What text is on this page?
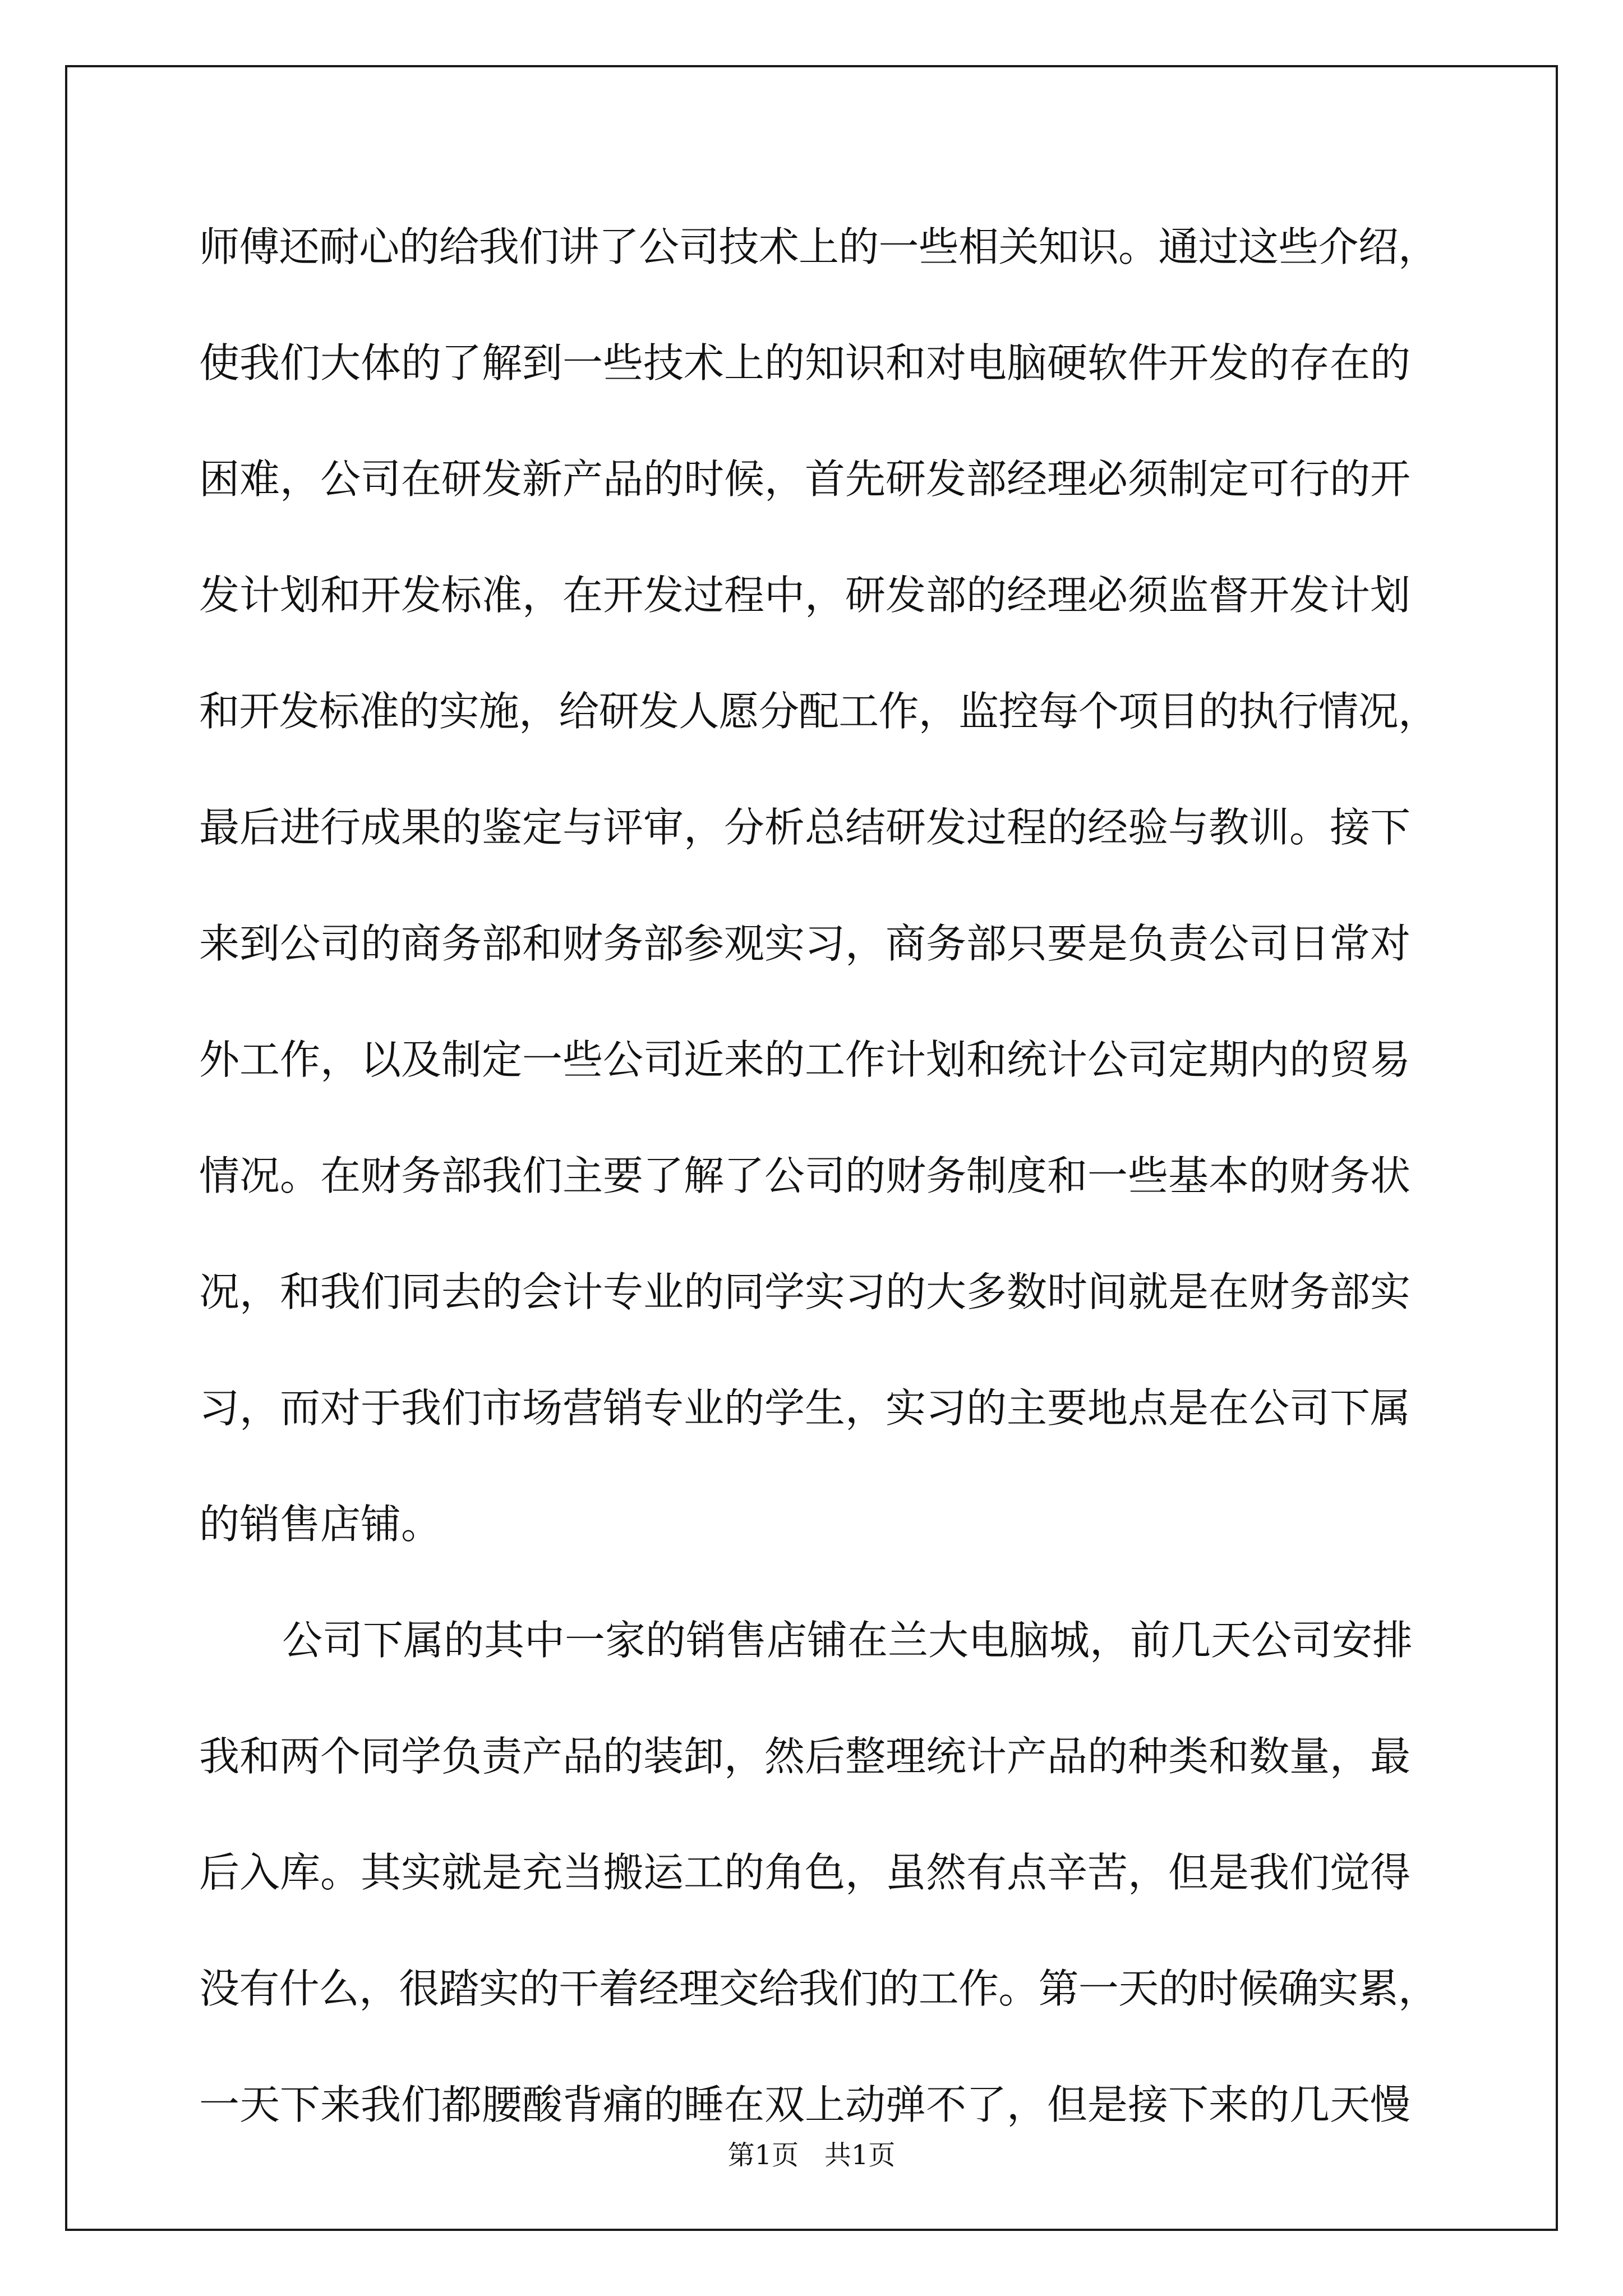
师傅还耐心的给我们讲了公司技术上的一些相关知识。通过这些介绍，
使我们大体的了解到一些技术上的知识和对电脑硬软件开发的存在的
困难，公司在研发新产品的时候，首先研发部经理必须制定可行的开
发计划和开发标准，在开发过程中，研发部的经理必须监督开发计划
和开发标准的实施，给研发人愿分配工作，监控每个项目的执行情况，
最后进行成果的鉴定与评审，分析总结研发过程的经验与教训。接下
来到公司的商务部和财务部参观实习，商务部只要是负责公司日常对
外工作，以及制定一些公司近来的工作计划和统计公司定期内的贸易
情况。在财务部我们主要了解了公司的财务制度和一些基本的财务状
况，和我们同去的会计专业的同学实习的大多数时间就是在财务部实
习，而对于我们市场营销专业的学生，实习的主要地点是在公司下属
的销售店铺。
公司下属的其中一家的销售店铺在兰大电脑城，前几天公司安排
我和两个同学负责产品的装卸，然后整理统计产品的种类和数量，最
后入库。其实就是充当搬运工的角色，虽然有点辛苦，但是我们觉得
没有什么，很踏实的干着经理交给我们的工作。第一天的时候确实累，
一天下来我们都腰酸背痛的睡在双上动弹不了，但是接下来的几天慢
第1页   共1页
